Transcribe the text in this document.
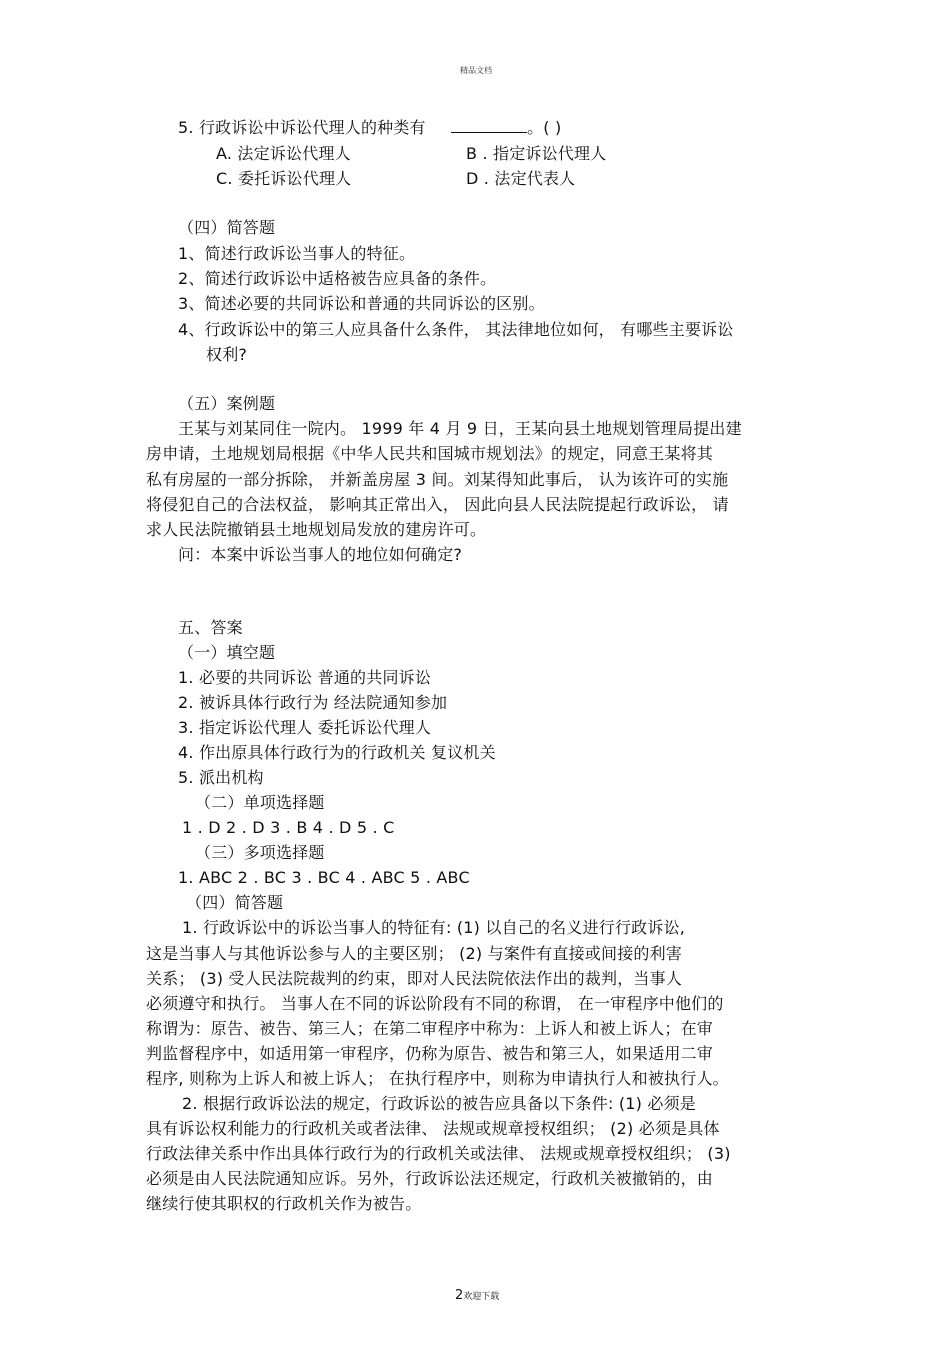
精品文档
5. 行政诉讼中诉讼代理人的种类有	。( )
A. 法定诉讼代理人	B . 指定诉讼代理人
C. 委托诉讼代理人	D . 法定代表人
（四）简答题
1、简述行政诉讼当事人的特征。
2、简述行政诉讼中适格被告应具备的条件。
3、简述必要的共同诉讼和普通的共同诉讼的区别。
4、行政诉讼中的第三人应具备什么条件， 其法律地位如何， 有哪些主要诉讼
权利?
（五）案例题
王某与刘某同住一院内。 1999 年 4 月 9 日，王某向县土地规划管理局提出建
房申请，土地规划局根据《中华人民共和国城市规划法》的规定，同意王某将其
私有房屋的一部分拆除， 并新盖房屋 3 间。刘某得知此事后， 认为该许可的实施
将侵犯自己的合法权益， 影响其正常出入， 因此向县人民法院提起行政诉讼， 请
求人民法院撤销县土地规划局发放的建房许可。
问：本案中诉讼当事人的地位如何确定?
五、答案
（一）填空题
1. 必要的共同诉讼 普通的共同诉讼
2. 被诉具体行政行为 经法院通知参加
3. 指定诉讼代理人 委托诉讼代理人
4. 作出原具体行政行为的行政机关 复议机关
5. 派出机构
（二）单项选择题
1 . D 2 . D 3 . B 4 . D 5 . C
（三）多项选择题
1. ABC 2 . BC 3 . BC 4 . ABC 5 . ABC
（四）简答题
1. 行政诉讼中的诉讼当事人的特征有: (1) 以自己的名义进行行政诉讼,
这是当事人与其他诉讼参与人的主要区别； (2) 与案件有直接或间接的利害
关系； (3) 受人民法院裁判的约束，即对人民法院依法作出的裁判，当事人
必须遵守和执行。 当事人在不同的诉讼阶段有不同的称谓， 在一审程序中他们的
称谓为：原告、被告、第三人；在第二审程序中称为：上诉人和被上诉人；在审
判监督程序中，如适用第一审程序，仍称为原告、被告和第三人，如果适用二审
程序, 则称为上诉人和被上诉人； 在执行程序中，则称为申请执行人和被执行人。
2. 根据行政诉讼法的规定，行政诉讼的被告应具备以下条件: (1) 必须是
具有诉讼权利能力的行政机关或者法律、 法规或规章授权组织； (2) 必须是具体
行政法律关系中作出具体行政行为的行政机关或法律、 法规或规章授权组织； (3)
必须是由人民法院通知应诉。另外，行政诉讼法还规定，行政机关被撤销的，由
继续行使其职权的行政机关作为被告。
2欢迎下载
